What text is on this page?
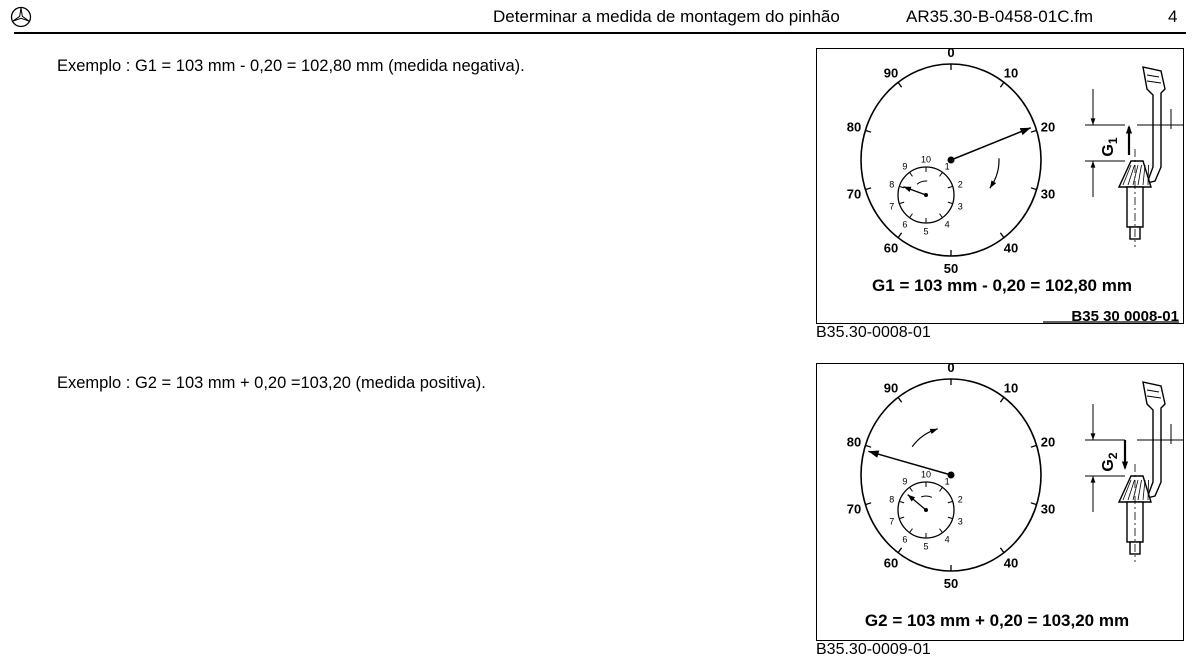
Determinar a medida de montagem do pinhão	AR35.30-B-0458-01C.fm	4
Exemplo : G1 = 103 mm - 0,20 = 102,80 mm (medida negativa).
0
10
20
30
40
50
60
70
80
90
10
1
2
3
4
5
6
7
8
9
$G_1$
G1 = 103 mm - 0,20 = 102,80 mm
B35 30 0008-01
B35.30-0008-01
Exemplo : G2 = 103 mm + 0,20 =103,20 (medida positiva).
0
10
20
30
40
50
60
70
80
90
10
1
2
3
4
5
6
7
8
9
$G_2$
G2 = 103 mm + 0,20 = 103,20 mm
B35.30-0009-01
